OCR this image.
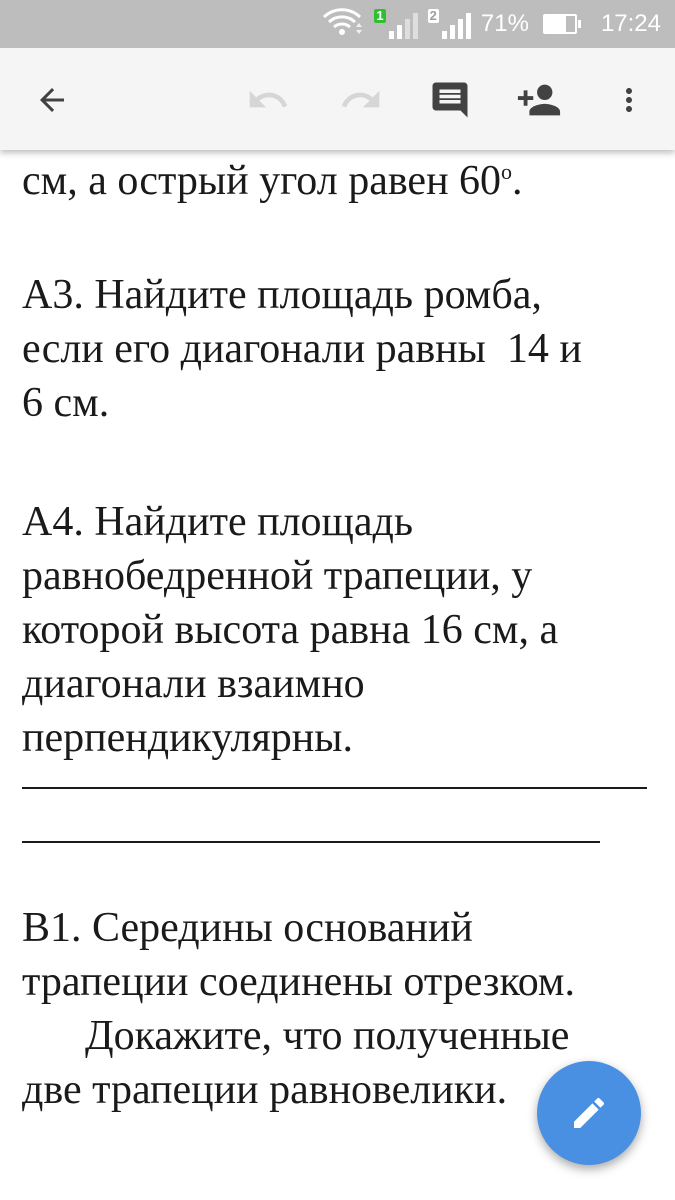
1	2 71%	17:24

см, а острый угол равен $60^о$.

А3. Найдите площадь ромба,

если его диагонали равны  14 и

6 см.

А4. Найдите площадь

равнобедренной трапеции, у

которой высота равна 16 см, а

диагонали взаимно

перпендикулярны.

В1. Середины оснований

трапеции соединены отрезком.

Докажите, что полученные

две трапеции равновелики.
